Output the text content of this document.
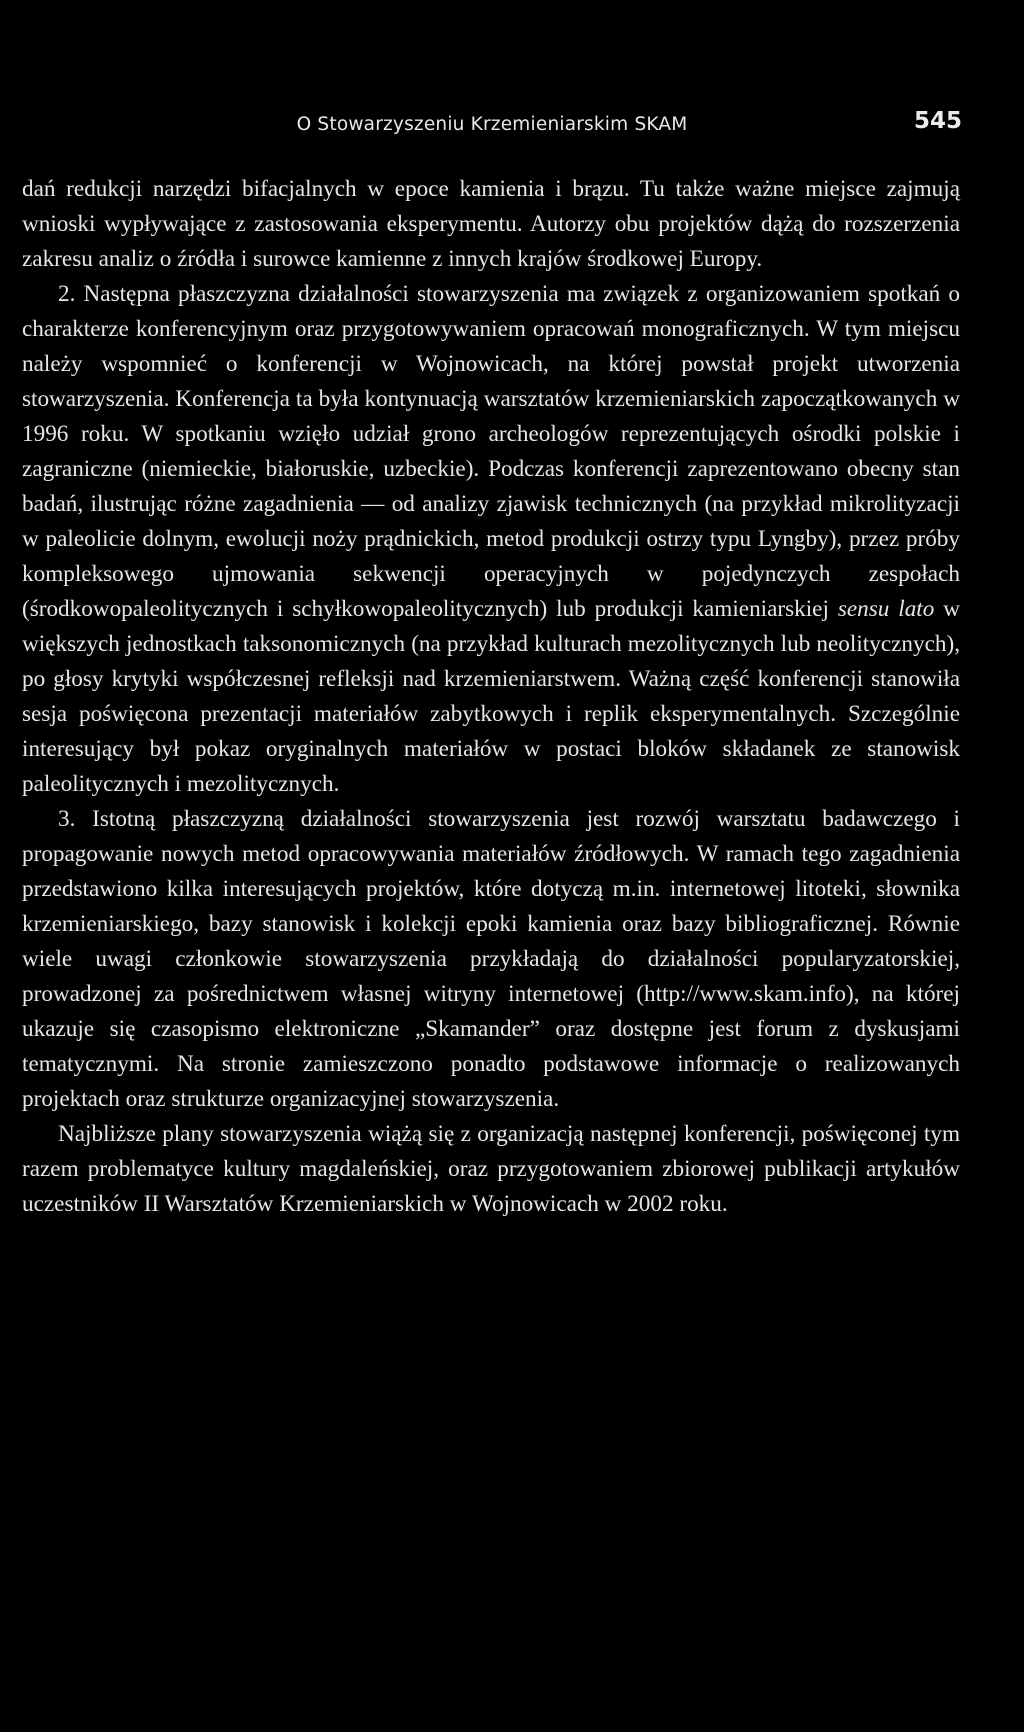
O Stowarzyszeniu Krzemieniarskim SKAM	545

dań redukcji narzędzi bifacjalnych w epoce kamienia i brązu. Tu także ważne miejsce zajmują wnioski wypływające z zastosowania eksperymentu. Autorzy obu projektów dążą do rozszerzenia zakresu analiz o źródła i surowce kamienne z innych krajów środkowej Europy.

2. Następna płaszczyzna działalności stowarzyszenia ma związek z organizowaniem spotkań o charakterze konferencyjnym oraz przygotowywaniem opracowań monograficznych. W tym miejscu należy wspomnieć o konferencji w Wojnowicach, na której powstał projekt utworzenia stowarzyszenia. Konferencja ta była kontynuacją warsztatów krzemieniarskich zapoczątkowanych w 1996 roku. W spotkaniu wzięło udział grono archeologów reprezentujących ośrodki polskie i zagraniczne (niemieckie, białoruskie, uzbeckie). Podczas konferencji zaprezentowano obecny stan badań, ilustrując różne zagadnienia — od analizy zjawisk technicznych (na przykład mikrolityzacji w paleolicie dolnym, ewolucji noży prądnickich, metod produkcji ostrzy typu Lyngby), przez próby kompleksowego ujmowania sekwencji operacyjnych w pojedynczych zespołach (środkowopaleolitycznych i schyłkowopaleolitycznych) lub produkcji kamieniarskiej sensu lato w większych jednostkach taksonomicznych (na przykład kulturach mezolitycznych lub neolitycznych), po głosy krytyki współczesnej refleksji nad krzemieniarstwem. Ważną część konferencji stanowiła sesja poświęcona prezentacji materiałów zabytkowych i replik eksperymentalnych. Szczególnie interesujący był pokaz oryginalnych materiałów w postaci bloków składanek ze stanowisk paleolitycznych i mezolitycznych.

3. Istotną płaszczyzną działalności stowarzyszenia jest rozwój warsztatu badawczego i propagowanie nowych metod opracowywania materiałów źródłowych. W ramach tego zagadnienia przedstawiono kilka interesujących projektów, które dotyczą m.in. internetowej litoteki, słownika krzemieniarskiego, bazy stanowisk i kolekcji epoki kamienia oraz bazy bibliograficznej. Równie wiele uwagi członkowie stowarzyszenia przykładają do działalności popularyzatorskiej, prowadzonej za pośrednictwem własnej witryny internetowej (http://www.skam.info), na której ukazuje się czasopismo elektroniczne „Skamander” oraz dostępne jest forum z dyskusjami tematycznymi. Na stronie zamieszczono ponadto podstawowe informacje o realizowanych projektach oraz strukturze organizacyjnej stowarzyszenia.

Najbliższe plany stowarzyszenia wiążą się z organizacją następnej konferencji, poświęconej tym razem problematyce kultury magdaleńskiej, oraz przygotowaniem zbiorowej publikacji artykułów uczestników II Warsztatów Krzemieniarskich w Wojnowicach w 2002 roku.
